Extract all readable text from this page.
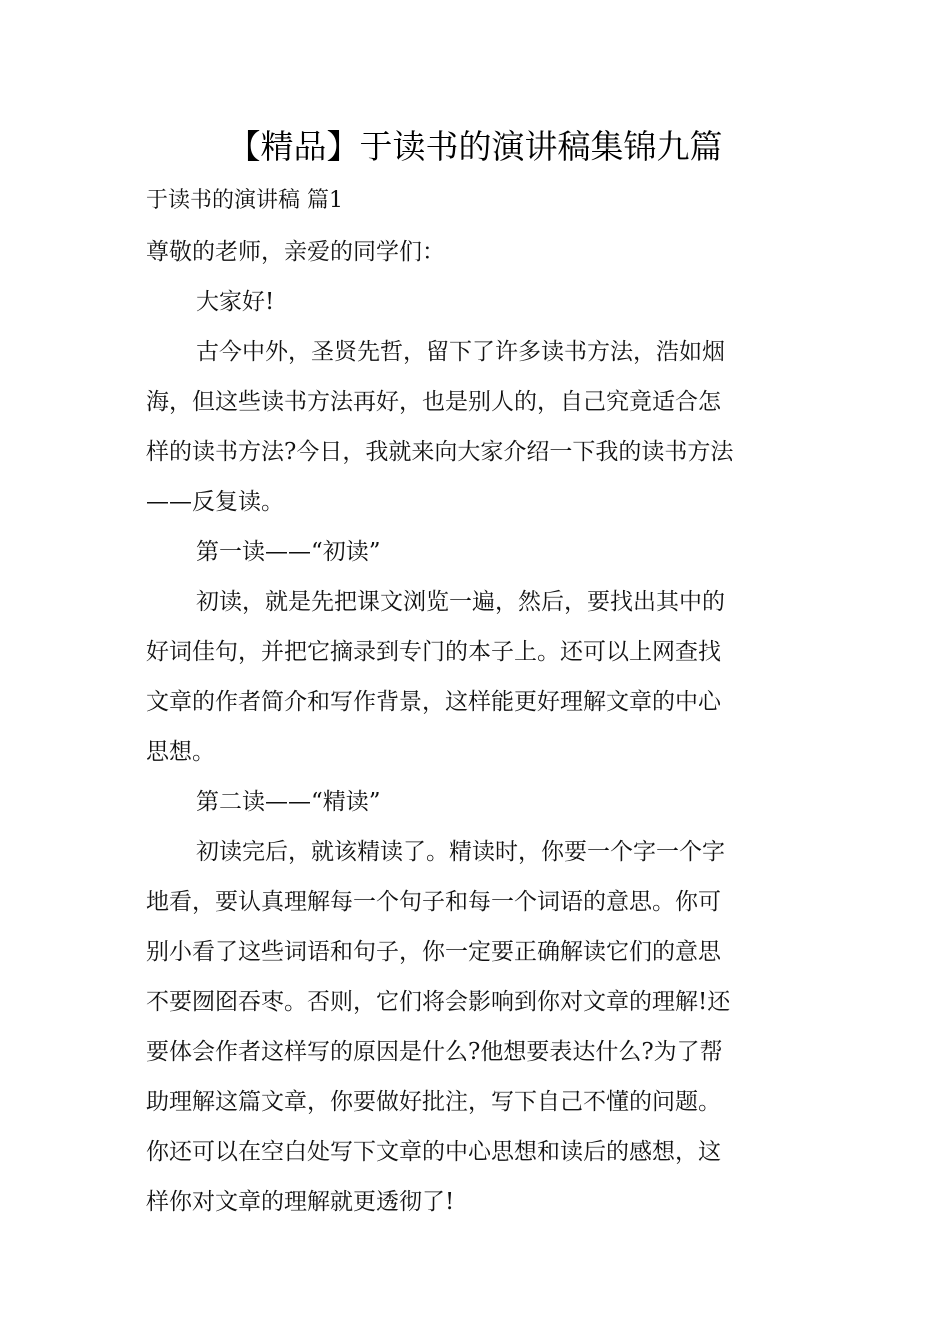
【精品】于读书的演讲稿集锦九篇
于读书的演讲稿 篇1
尊敬的老师，亲爱的同学们：
大家好!
古今中外，圣贤先哲，留下了许多读书方法，浩如烟
海，但这些读书方法再好，也是别人的，自己究竟适合怎
样的读书方法?今日，我就来向大家介绍一下我的读书方法
——反复读。
第一读——“初读”
初读，就是先把课文浏览一遍，然后，要找出其中的
好词佳句，并把它摘录到专门的本子上。还可以上网查找
文章的作者简介和写作背景，这样能更好理解文章的中心
思想。
第二读——“精读”
初读完后，就该精读了。精读时，你要一个字一个字
地看，要认真理解每一个句子和每一个词语的意思。你可
别小看了这些词语和句子，你一定要正确解读它们的意思
不要囫囵吞枣。否则，它们将会影响到你对文章的理解!还
要体会作者这样写的原因是什么?他想要表达什么?为了帮
助理解这篇文章，你要做好批注，写下自己不懂的问题。
你还可以在空白处写下文章的中心思想和读后的感想，这
样你对文章的理解就更透彻了!
